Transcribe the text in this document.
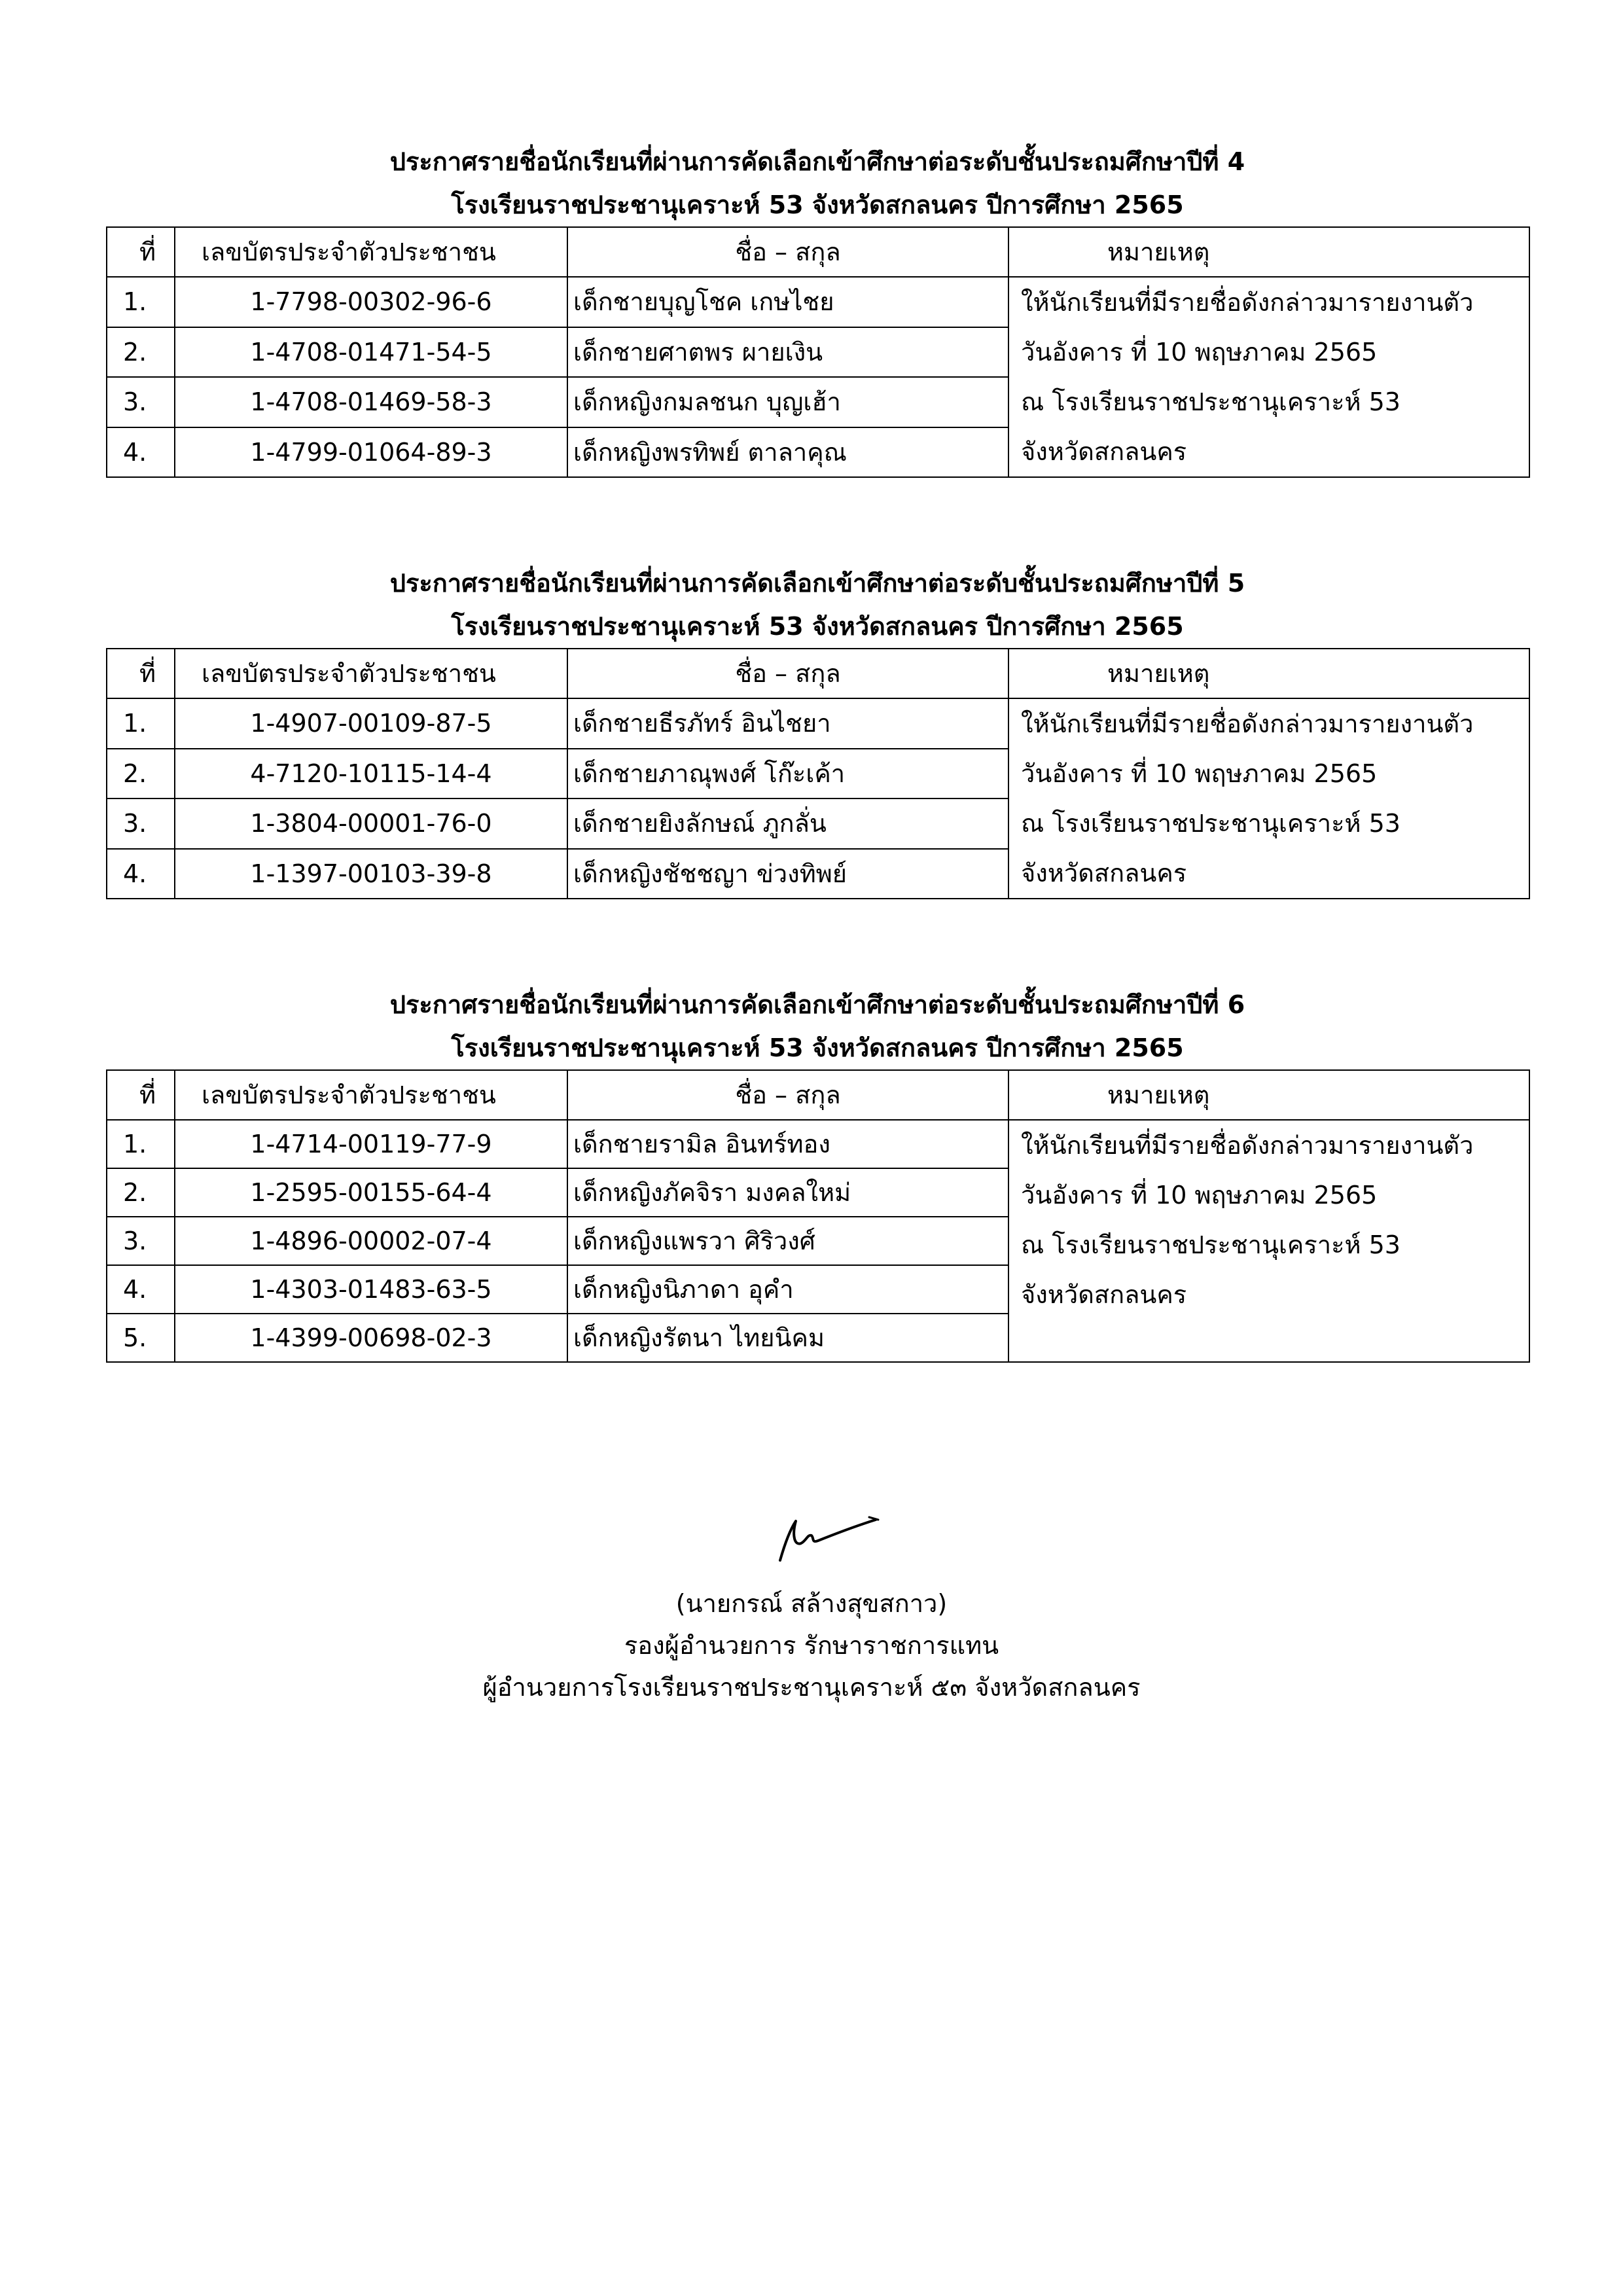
ประกาศรายชื่อนักเรียนที่ผ่านการคัดเลือกเข้าศึกษาต่อระดับชั้นประถมศึกษาปีที่ 4
โรงเรียนราชประชานุเคราะห์ 53 จังหวัดสกลนคร ปีการศึกษา 2565
ที่	เลขบัตรประจำตัวประชาชน	ชื่อ – สกุล	หมายเหตุ
1.	1-7798-00302-96-6	เด็กชายบุญโชค เกษไชย	ให้นักเรียนที่มีรายชื่อดังกล่าวมารายงานตัว
วันอังคาร ที่ 10 พฤษภาคม 2565
ณ โรงเรียนราชประชานุเคราะห์ 53
จังหวัดสกลนคร

2.	1-4708-01471-54-5	เด็กชายศาตพร ผายเงิน	
3.	1-4708-01469-58-3	เด็กหญิงกมลชนก บุญเฮ้า	
4.	1-4799-01064-89-3	เด็กหญิงพรทิพย์ ตาลาคุณ	
ประกาศรายชื่อนักเรียนที่ผ่านการคัดเลือกเข้าศึกษาต่อระดับชั้นประถมศึกษาปีที่ 5
โรงเรียนราชประชานุเคราะห์ 53 จังหวัดสกลนคร ปีการศึกษา 2565
ที่	เลขบัตรประจำตัวประชาชน	ชื่อ – สกุล	หมายเหตุ
1.	1-4907-00109-87-5	เด็กชายธีรภัทร์ อินไชยา	ให้นักเรียนที่มีรายชื่อดังกล่าวมารายงานตัว
วันอังคาร ที่ 10 พฤษภาคม 2565
ณ โรงเรียนราชประชานุเคราะห์ 53
จังหวัดสกลนคร

2.	4-7120-10115-14-4	เด็กชายภาณุพงศ์ โก๊ะเค้า	
3.	1-3804-00001-76-0	เด็กชายยิงลักษณ์ ภูกลั่น	
4.	1-1397-00103-39-8	เด็กหญิงชัชชญา ข่วงทิพย์	
ประกาศรายชื่อนักเรียนที่ผ่านการคัดเลือกเข้าศึกษาต่อระดับชั้นประถมศึกษาปีที่ 6
โรงเรียนราชประชานุเคราะห์ 53 จังหวัดสกลนคร ปีการศึกษา 2565
ที่	เลขบัตรประจำตัวประชาชน	ชื่อ – สกุล	หมายเหตุ
1.	1-4714-00119-77-9	เด็กชายรามิล อินทร์ทอง	ให้นักเรียนที่มีรายชื่อดังกล่าวมารายงานตัว
วันอังคาร ที่ 10 พฤษภาคม 2565
ณ โรงเรียนราชประชานุเคราะห์ 53
จังหวัดสกลนคร

2.	1-2595-00155-64-4	เด็กหญิงภัคจิรา มงคลใหม่	
3.	1-4896-00002-07-4	เด็กหญิงแพรวา ศิริวงศ์	
4.	1-4303-01483-63-5	เด็กหญิงนิภาดา อุคำ	
5.	1-4399-00698-02-3	เด็กหญิงรัตนา ไทยนิคม	
(นายกรณ์ สล้างสุขสกาว)
รองผู้อำนวยการ รักษาราชการแทน
ผู้อำนวยการโรงเรียนราชประชานุเคราะห์ ๕๓ จังหวัดสกลนคร
